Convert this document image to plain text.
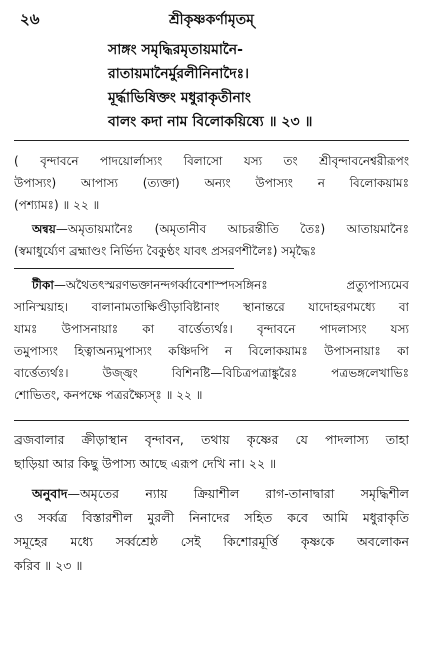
২৬	শ্রীকৃষ্ণকর্ণামৃতম্
সাঙ্গং সমৃদ্ধিরমৃতায়মানৈ-
রাতায়মানৈর্মুরলীনিনাদৈঃ।
মূর্দ্ধাভিষিক্তং মধুরাকৃতীনাং
বালং কদা নাম বিলোকয়িষ্যে ॥ ২৩ ॥
( বৃন্দাবনে পাদয়োর্লাস্যং বিলাসো যস্য তং শ্রীবৃন্দাবনেশ্বরীরূপং
উপাস্যং) আপাস্য (ত্যক্তা) অন্যং উপাস্যং ন বিলোকয়ামঃ
(পশ্যামঃ) ॥ ২২ ॥
অন্বয়—অমৃতায়মানৈঃ (অমৃতানীব আচরন্তীতি তৈঃ) আতায়মানৈঃ
(স্বমাধুর্য্যেণ ব্রহ্মাণ্ডং নির্ভিদ্য বৈকুণ্ঠং যাবৎ প্রসরণশীলৈঃ) সমৃদ্ধৈঃ
টীকা—অথৈতৎস্মরণভক্তানন্দগর্ব্বাবেশাস্পদসঙ্গিনঃ প্রত্যুপাস্যমেব
সানিস্ময়াহ। বালানামতাক্ষিণ্ডীড়াবিষ্টানাং স্থানান্তরে যাদোহরণমধ্যে বা
যামঃ উপাসনায়াঃ কা বার্ত্তেত্যর্থঃ। বৃন্দাবনে পাদলাস্যং যস্য
তমুপাস্যং হিত্বাঅন্যমুপাস্যং কঞ্চিদপি ন বিলোকয়ামঃ উপাসনায়াঃ কা
বার্ত্তেত্যর্থঃ। উজ্জ্বং বিশিনষ্টি—বিচিত্রপত্রাঙ্কুরৈঃ পত্রভঙ্গলেখাভিঃ
শোভিতং, কনপক্ষে পত্ররক্ষ্যৈস্ঃ ॥ ২২ ॥
ব্রজবালার ক্রীড়াস্থান বৃন্দাবন, তথায় কৃষ্ণের যে পাদলাস্য তাহা
ছাড়িয়া আর কিছু উপাস্য আছে এরূপ দেখি না। ২২ ॥
অনুবাদ—অমৃতের ন্যায় ক্রিয়াশীল রাগ-তানাদ্বারা সমৃদ্ধিশীল
ও সর্ব্বত্র বিস্তারশীল মুরলী নিনাদের সহিত কবে আমি মধুরাকৃতি
সমূহের মধ্যে সর্ব্বশ্রেষ্ঠ সেই কিশোরমূর্ত্তি কৃষ্ণকে অবলোকন
করিব ॥ ২৩ ॥
